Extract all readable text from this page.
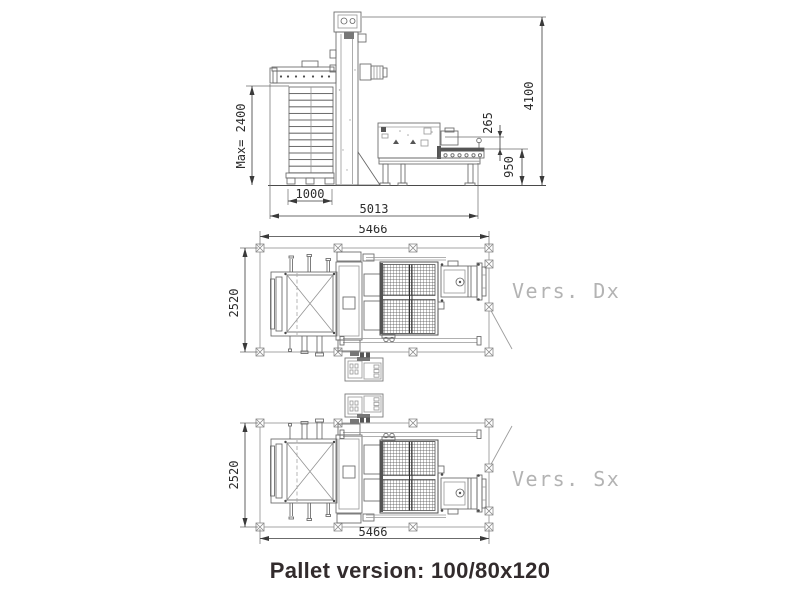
4100
Max= 2400	265
950
1000
5013
5466
2520
5466
2520
Vers. Dx
Vers. Sx
Pallet version: 100/80x120
